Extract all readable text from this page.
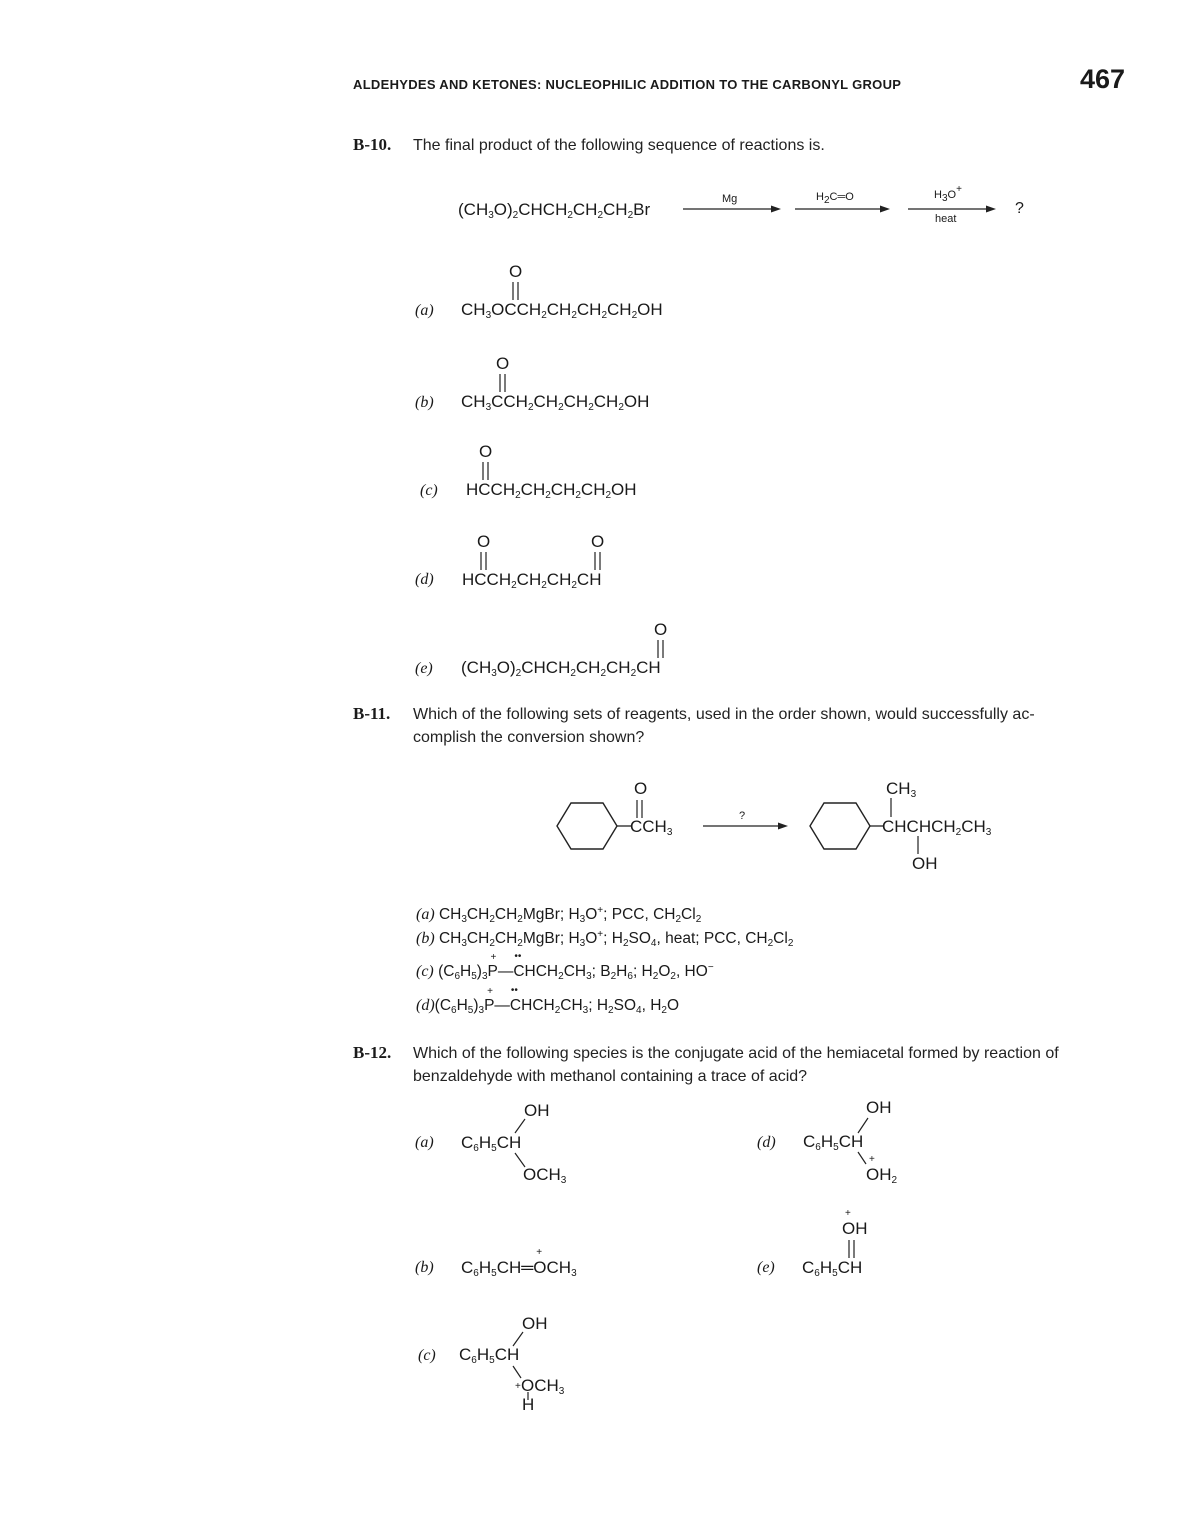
ALDEHYDES AND KETONES: NUCLEOPHILIC ADDITION TO THE CARBONYL GROUP	467
B-10. The final product of the following sequence of reactions is.
$(CH_3O)_2CHCH_2CH_2CH_2Br$
Mg	$H_2C═O$	$H_3O^+$
heat
?
(a)
O
$CH_3OCCH_2CH_2CH_2CH_2OH$
(b)
O
$CH_3CCH_2CH_2CH_2CH_2OH$
(c)
O
$HCCH_2CH_2CH_2CH_2OH$
(d)
O	O
$HCCH_2CH_2CH_2CH$
(e)
O
$(CH_3O)_2CHCH_2CH_2CH_2CH$
B-11. Which of the following sets of reagents, used in the order shown, would successfully ac-
complish the conversion shown?
O
$CCH_3$
?
$CH_3$
$CHCHCH_2CH_3$
OH
(a) $CH_3CH_2CH_2MgBr$; $H_3O^+$; PCC, $CH_2Cl_2$
(b) $CH_3CH_2CH_2MgBr$; $H_3O^+$; $H_2SO_4$, heat; PCC, $CH_2Cl_2$
(c) $(C_6H_5)_3P$
+
—C
••
$HCH_2CH_3$; $B_2H_6$; $H_2O_2$, HO−
$(d)(C_6H_5)_3P$
+
—C
••
$HCH_2CH_3$; $H_2SO_4$, $H_2O$
B-12. Which of the following species is the conjugate acid of the hemiacetal formed by reaction of
benzaldehyde with methanol containing a trace of acid?
(a)
OH
$C_6H_5CH$
$OCH_3$
(d)
OH
$C_6H_5CH$
O
+
$H_2$
(b) $C_6H_5CH═O$
+
$CH_3$	(e)
O
+
H
$C_6H_5CH$
(c)
OH
$C_6H_5CH$
+ $OCH_3$
H
